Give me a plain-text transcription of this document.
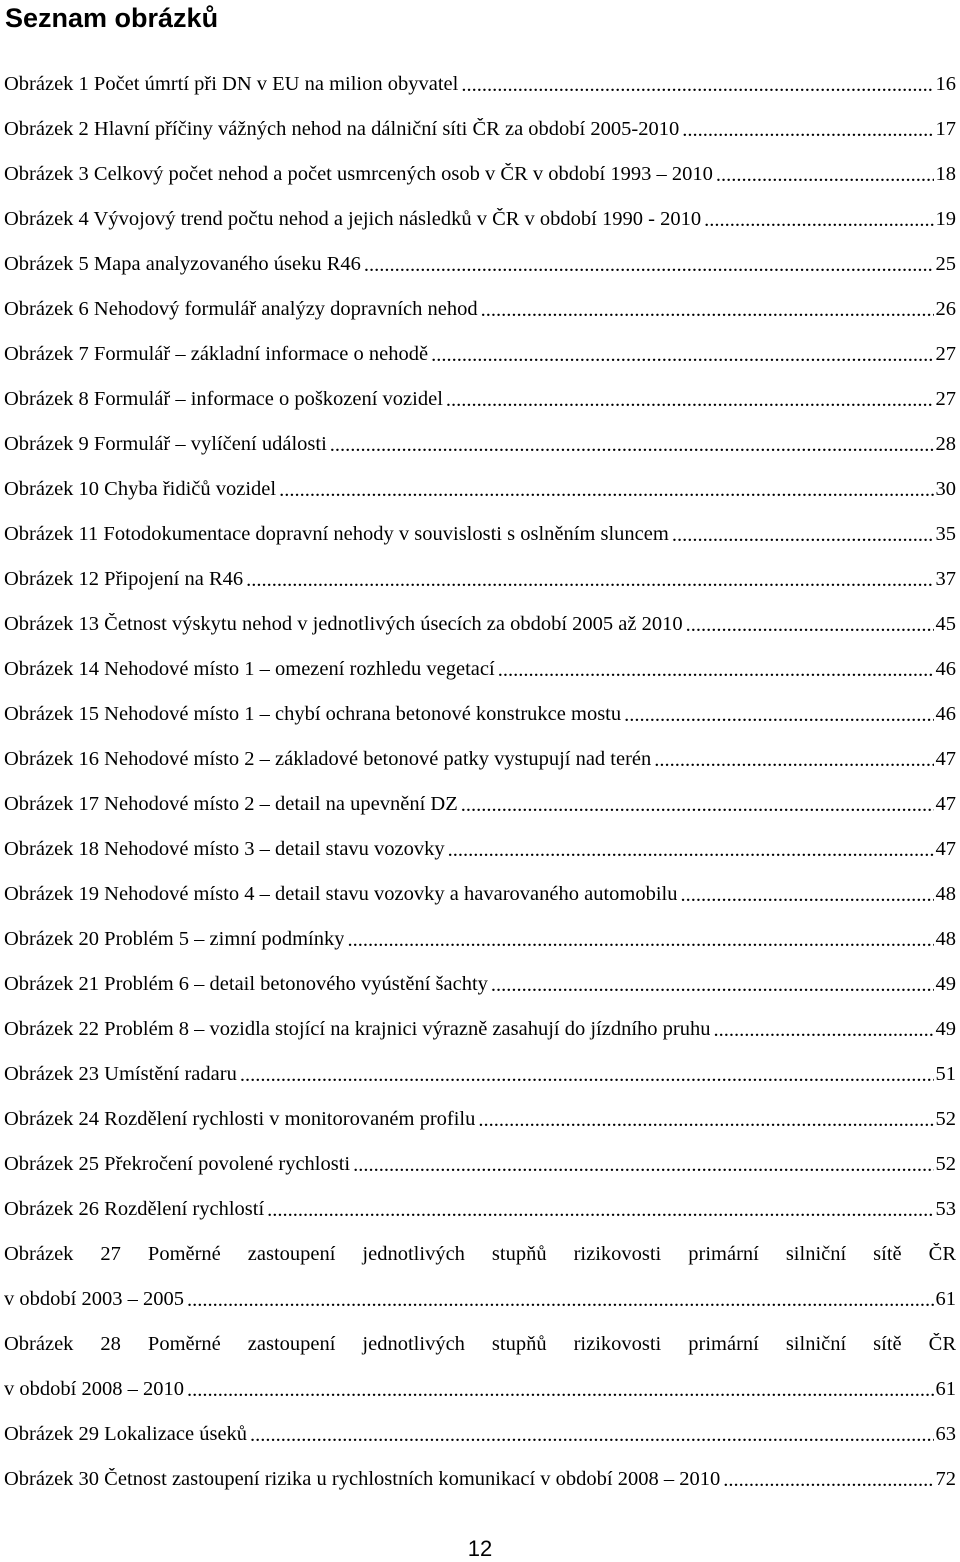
Seznam obrázků
Obrázek 1 Počet úmrtí při DN v EU na milion obyvatel .....	16
Obrázek 2 Hlavní příčiny vážných nehod na dálniční síti ČR za období 2005-2010 .....	17
Obrázek 3 Celkový počet nehod a počet usmrcených osob v ČR v období 1993 – 2010 .....	18
Obrázek 4 Vývojový trend počtu nehod a jejich následků v ČR v období 1990 - 2010 .....	19
Obrázek 5 Mapa analyzovaného úseku R46 .....	25
Obrázek 6 Nehodový formulář analýzy dopravních nehod .....	26
Obrázek 7 Formulář – základní informace o nehodě .....	27
Obrázek 8 Formulář – informace o poškození vozidel .....	27
Obrázek 9 Formulář – vylíčení události .....	28
Obrázek 10 Chyba řidičů vozidel .....	30
Obrázek 11 Fotodokumentace dopravní nehody v souvislosti s oslněním sluncem .....	35
Obrázek 12 Připojení na R46 .....	37
Obrázek 13 Četnost výskytu nehod v jednotlivých úsecích za období 2005 až 2010 .....	45
Obrázek 14 Nehodové místo 1 – omezení rozhledu vegetací .....	46
Obrázek 15 Nehodové místo 1 – chybí ochrana betonové konstrukce mostu .....	46
Obrázek 16 Nehodové místo 2 – základové betonové patky vystupují nad terén .....	47
Obrázek 17 Nehodové místo 2 – detail na upevnění DZ .....	47
Obrázek 18 Nehodové místo 3 – detail stavu vozovky .....	47
Obrázek 19 Nehodové místo 4 – detail stavu vozovky a havarovaného automobilu .....	48
Obrázek 20 Problém 5 – zimní podmínky .....	48
Obrázek 21 Problém 6 – detail betonového vyústění šachty .....	49
Obrázek 22 Problém 8 – vozidla stojící na krajnici výrazně zasahují do jízdního pruhu .....	49
Obrázek 23 Umístění radaru .....	51
Obrázek 24 Rozdělení rychlosti v monitorovaném profilu .....	52
Obrázek 25 Překročení povolené rychlosti .....	52
Obrázek 26 Rozdělení rychlostí .....	53
Obrázek 27 Poměrné zastoupení jednotlivých stupňů rizikovosti primární silniční sítě ČR
v období 2003 – 2005 .....	61
Obrázek 28 Poměrné zastoupení jednotlivých stupňů rizikovosti primární silniční sítě ČR
v období 2008 – 2010 .....	61
Obrázek 29 Lokalizace úseků .....	63
Obrázek 30 Četnost zastoupení rizika u rychlostních komunikací v období 2008 – 2010 .....	72
12
